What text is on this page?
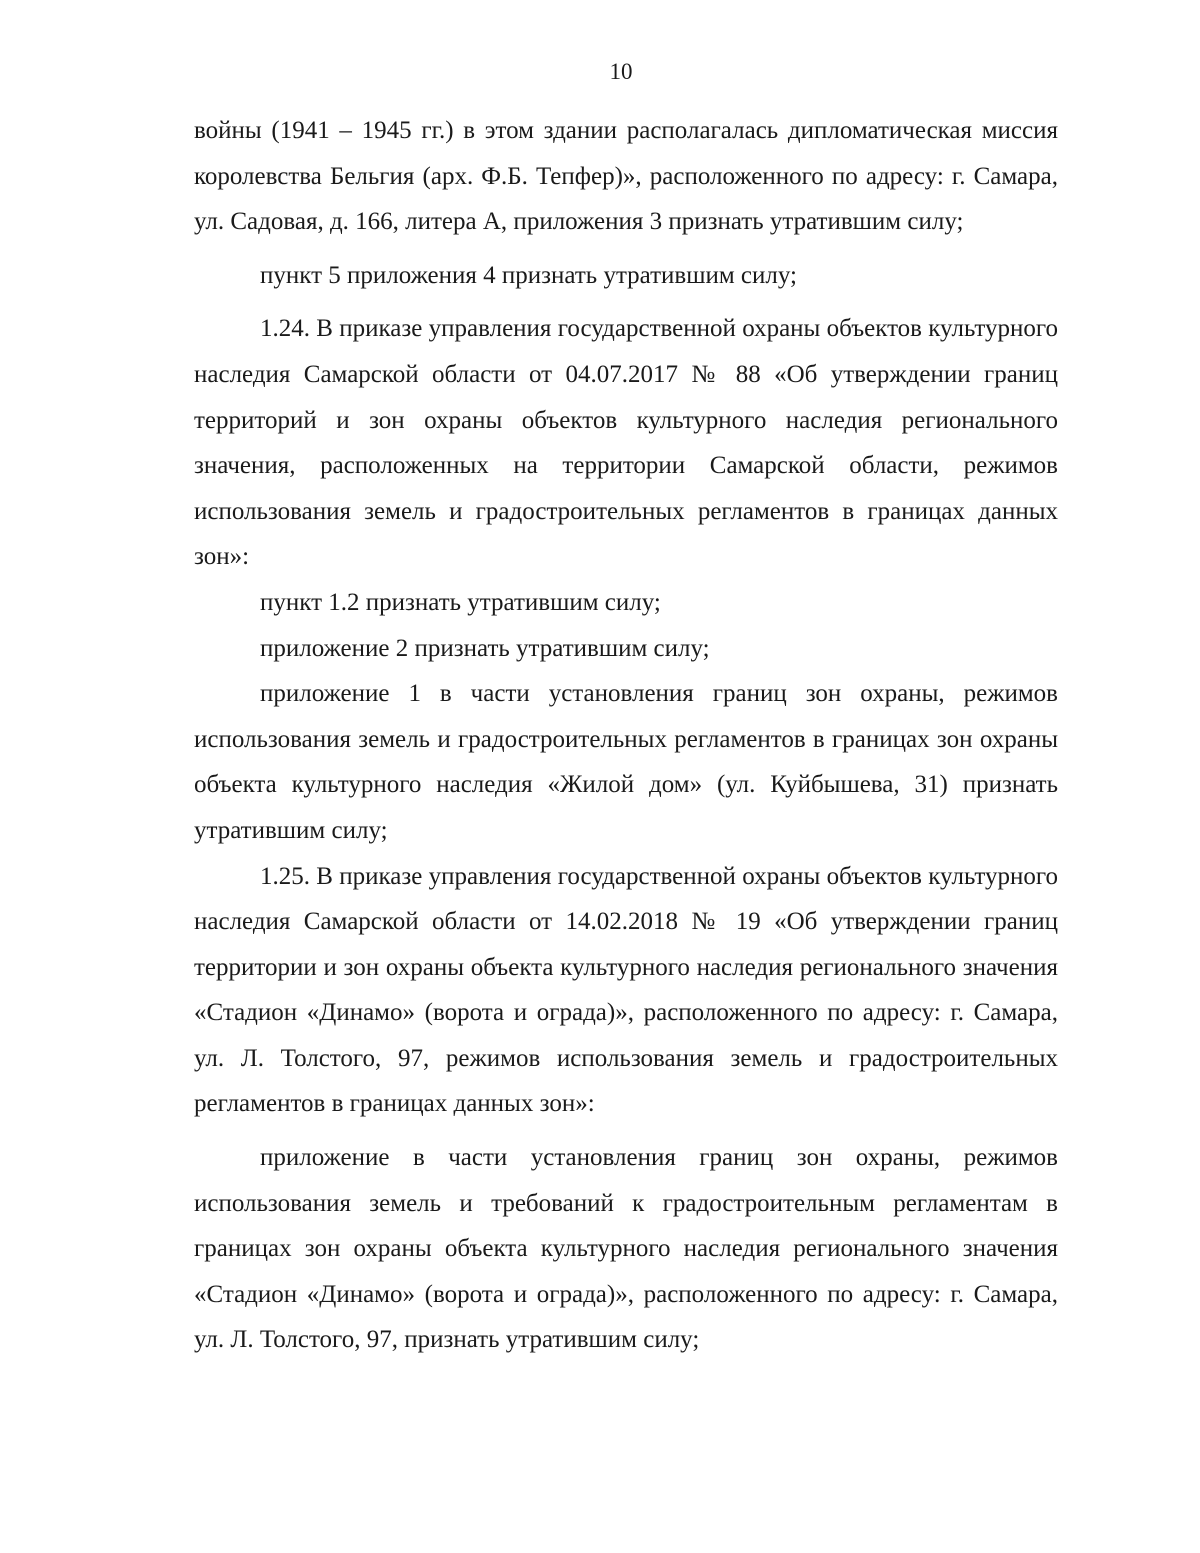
10

войны (1941 – 1945 гг.) в этом здании располагалась дипломатическая миссия королевства Бельгия (арх. Ф.Б. Тепфер)», расположенного по адресу: г. Самара, ул. Садовая, д. 166, литера А, приложения 3 признать утратившим силу;

пункт 5 приложения 4 признать утратившим силу;

1.24. В приказе управления государственной охраны объектов культурного наследия Самарской области от 04.07.2017 № 88 «Об утверждении границ территорий и зон охраны объектов культурного наследия регионального значения, расположенных на территории Самарской области, режимов использования земель и градостроительных регламентов в границах данных зон»:

пункт 1.2 признать утратившим силу;

приложение 2 признать утратившим силу;

приложение 1 в части установления границ зон охраны, режимов использования земель и градостроительных регламентов в границах зон охраны объекта культурного наследия «Жилой дом» (ул. Куйбышева, 31) признать утратившим силу;

1.25. В приказе управления государственной охраны объектов культурного наследия Самарской области от 14.02.2018 № 19 «Об утверждении границ территории и зон охраны объекта культурного наследия регионального значения «Стадион «Динамо» (ворота и ограда)», расположенного по адресу: г. Самара, ул. Л. Толстого, 97, режимов использования земель и градостроительных регламентов в границах данных зон»:

приложение в части установления границ зон охраны, режимов использования земель и требований к градостроительным регламентам в границах зон охраны объекта культурного наследия регионального значения «Стадион «Динамо» (ворота и ограда)», расположенного по адресу: г. Самара, ул. Л. Толстого, 97, признать утратившим силу;
